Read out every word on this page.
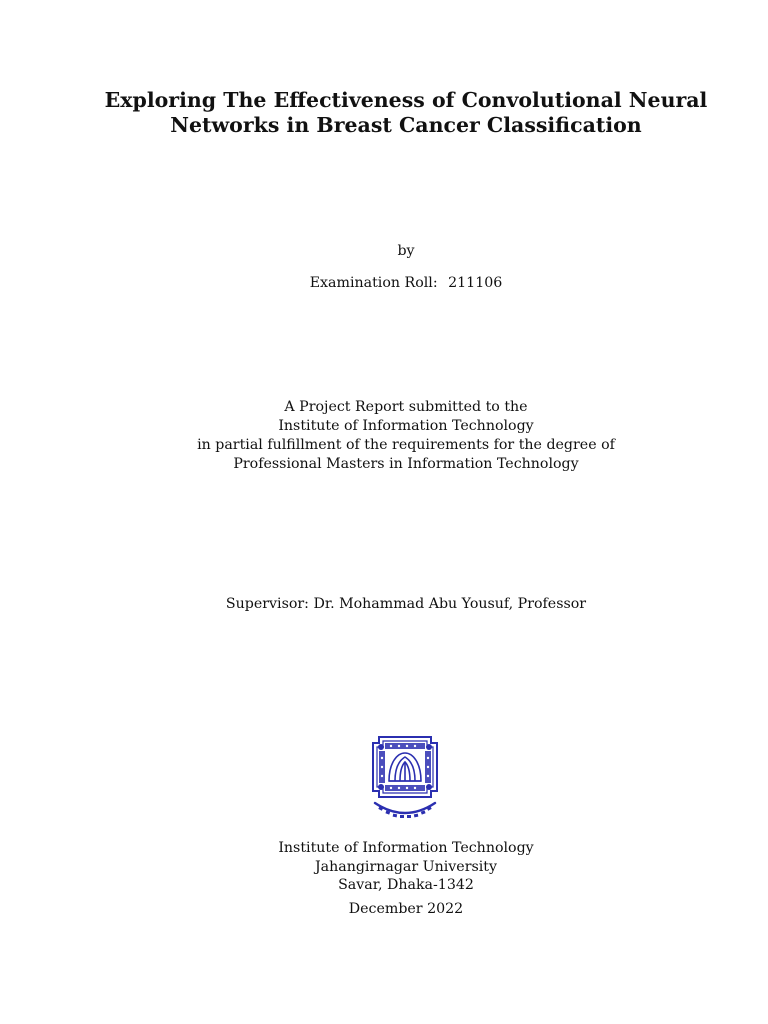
Exploring The Effectiveness of Convolutional Neural
Networks in Breast Cancer Classification
by
Examination Roll: 211106
A Project Report submitted to the
Institute of Information Technology
in partial fulfillment of the requirements for the degree of
Professional Masters in Information Technology
Supervisor: Dr. Mohammad Abu Yousuf, Professor
Institute of Information Technology
Jahangirnagar University
Savar, Dhaka-1342
December 2022
